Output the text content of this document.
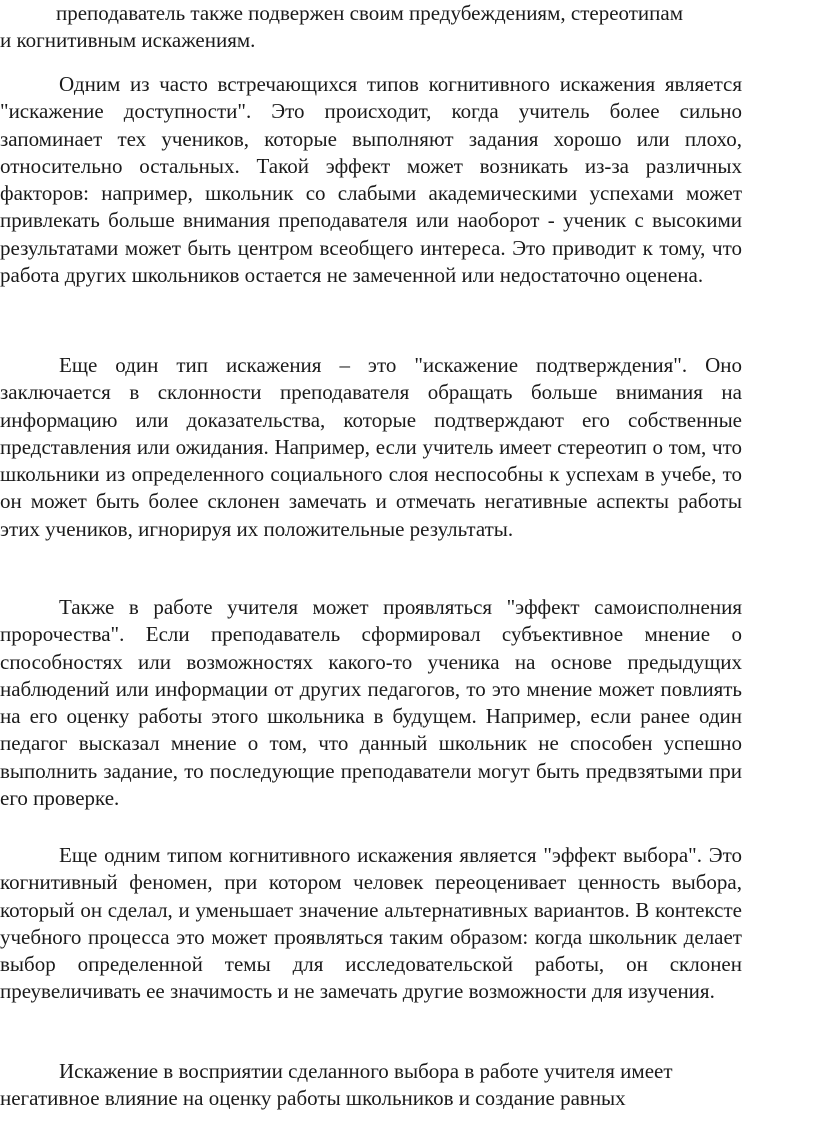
преподаватель также подвержен своим предубеждениям, стереотипам
и когнитивным искажениям.

Одним из часто встречающихся типов когнитивного искажения является "искажение доступности". Это происходит, когда учитель более сильно запоминает тех учеников, которые выполняют задания хорошо или плохо, относительно остальных. Такой эффект может возникать из-за различных факторов: например, школьник со слабыми академическими успехами может привлекать больше внимания преподавателя или наоборот - ученик с высокими результатами может быть центром всеобщего интереса. Это приводит к тому, что работа других школьников остается не замеченной или недостаточно оценена.

Еще один тип искажения – это "искажение подтверждения". Оно заключается в склонности преподавателя обращать больше внимания на информацию или доказательства, которые подтверждают его собственные представления или ожидания. Например, если учитель имеет стереотип о том, что школьники из определенного социального слоя неспособны к успехам в учебе, то он может быть более склонен замечать и отмечать негативные аспекты работы этих учеников, игнорируя их положительные результаты.

Также в работе учителя может проявляться "эффект самоисполнения пророчества". Если преподаватель сформировал субъективное мнение о способностях или возможностях какого-то ученика на основе предыдущих наблюдений или информации от других педагогов, то это мнение может повлиять на его оценку работы этого школьника в будущем. Например, если ранее один педагог высказал мнение о том, что данный школьник не способен успешно выполнить задание, то последующие преподаватели могут быть предвзятыми при его проверке.

Еще одним типом когнитивного искажения является "эффект выбора". Это когнитивный феномен, при котором человек переоценивает ценность выбора, который он сделал, и уменьшает значение альтернативных вариантов. В контексте учебного процесса это может проявляться таким образом: когда школьник делает выбор определенной темы для исследовательской работы, он склонен преувеличивать ее значимость и не замечать другие возможности для изучения.

Искажение в восприятии сделанного выбора в работе учителя имеет негативное влияние на оценку работы школьников и создание равных
